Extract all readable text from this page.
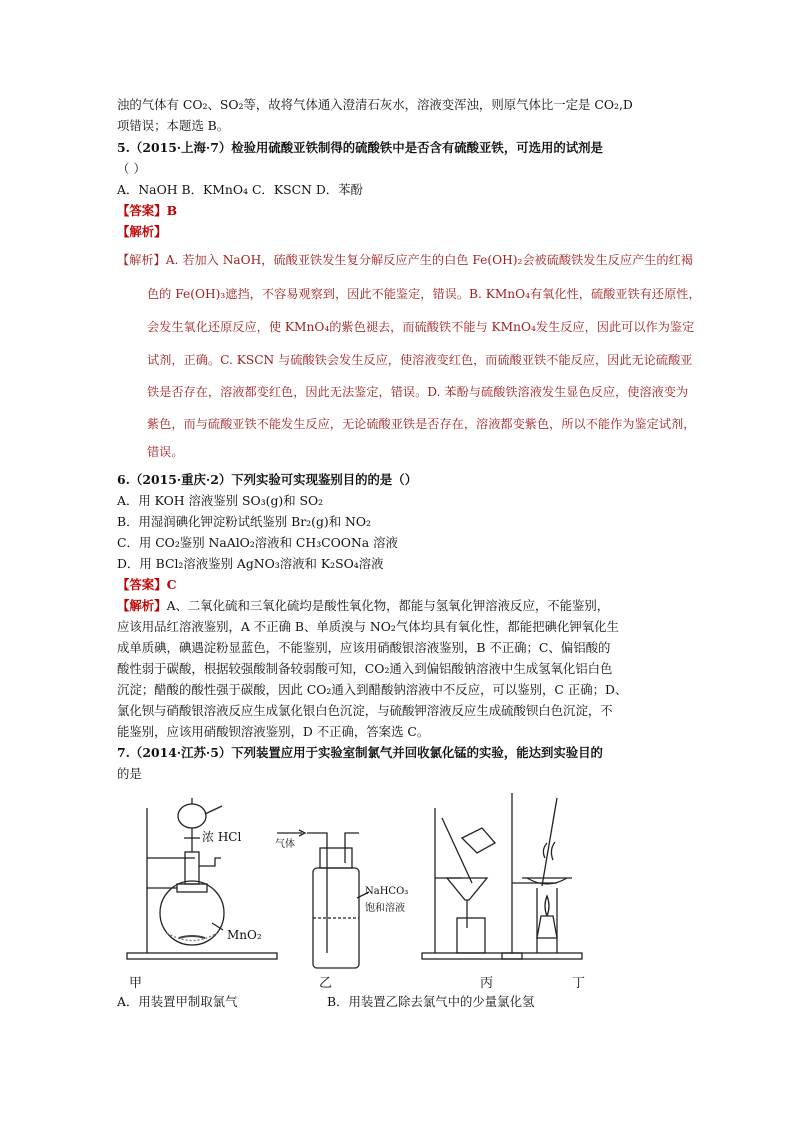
浊的气体有 CO₂、SO₂等，故将气体通入澄清石灰水，溶液变浑浊，则原气体比一定是 CO₂,D
项错误；本题选 B。
5.（2015·上海·7）检验用硫酸亚铁制得的硫酸铁中是否含有硫酸亚铁，可选用的试剂是
（ ）
A．NaOH B．KMnO₄ C．KSCN D．苯酚
【答案】B
【解析】
【解析】A. 若加入 NaOH，硫酸亚铁发生复分解反应产生的白色 Fe(OH)₂会被硫酸铁发生反应产生的红褐
色的 Fe(OH)₃遮挡，不容易观察到，因此不能鉴定，错误。B. KMnO₄有氧化性，硫酸亚铁有还原性，
会发生氧化还原反应，使 KMnO₄的紫色褪去，而硫酸铁不能与 KMnO₄发生反应，因此可以作为鉴定
试剂，正确。C. KSCN 与硫酸铁会发生反应，使溶液变红色，而硫酸亚铁不能反应，因此无论硫酸亚
铁是否存在，溶液都变红色，因此无法鉴定，错误。D. 苯酚与硫酸铁溶液发生显色反应，使溶液变为
紫色，而与硫酸亚铁不能发生反应，无论硫酸亚铁是否存在，溶液都变紫色，所以不能作为鉴定试剂，
错误。
6.（2015·重庆·2）下列实验可实现鉴别目的的是（）
A．用 KOH 溶液鉴别 SO₃(g)和 SO₂
B．用湿润碘化钾淀粉试纸鉴别 Br₂(g)和 NO₂
C．用 CO₂鉴别 NaAlO₂溶液和 CH₃COONa 溶液
D．用 BCl₂溶液鉴别 AgNO₃溶液和 K₂SO₄溶液
【答案】C
【解析】A、二氧化硫和三氧化硫均是酸性氧化物，都能与氢氧化钾溶液反应，不能鉴别，
应该用品红溶液鉴别，A 不正确 B、单质溴与 NO₂气体均具有氧化性，都能把碘化钾氧化生
成单质碘，碘遇淀粉显蓝色，不能鉴别，应该用硝酸银溶液鉴别，B 不正确；C、偏铝酸的
酸性弱于碳酸，根据较强酸制备较弱酸可知，CO₂通入到偏铝酸钠溶液中生成氢氧化铝白色
沉淀；醋酸的酸性强于碳酸，因此 CO₂通入到醋酸钠溶液中不反应，可以鉴别，C 正确；D、
氯化钡与硝酸银溶液反应生成氯化银白色沉淀，与硫酸钾溶液反应生成硫酸钡白色沉淀，不
能鉴别，应该用硝酸钡溶液鉴别，D 不正确，答案选 C。
7.（2014·江苏·5）下列装置应用于实验室制氯气并回收氯化锰的实验，能达到实验目的
的是
浓 HCl
MnO₂
气体
NaHCO₃
饱和溶液
甲	乙	丙	丁
A．用装置甲制取氯气	B．用装置乙除去氯气中的少量氯化氢
